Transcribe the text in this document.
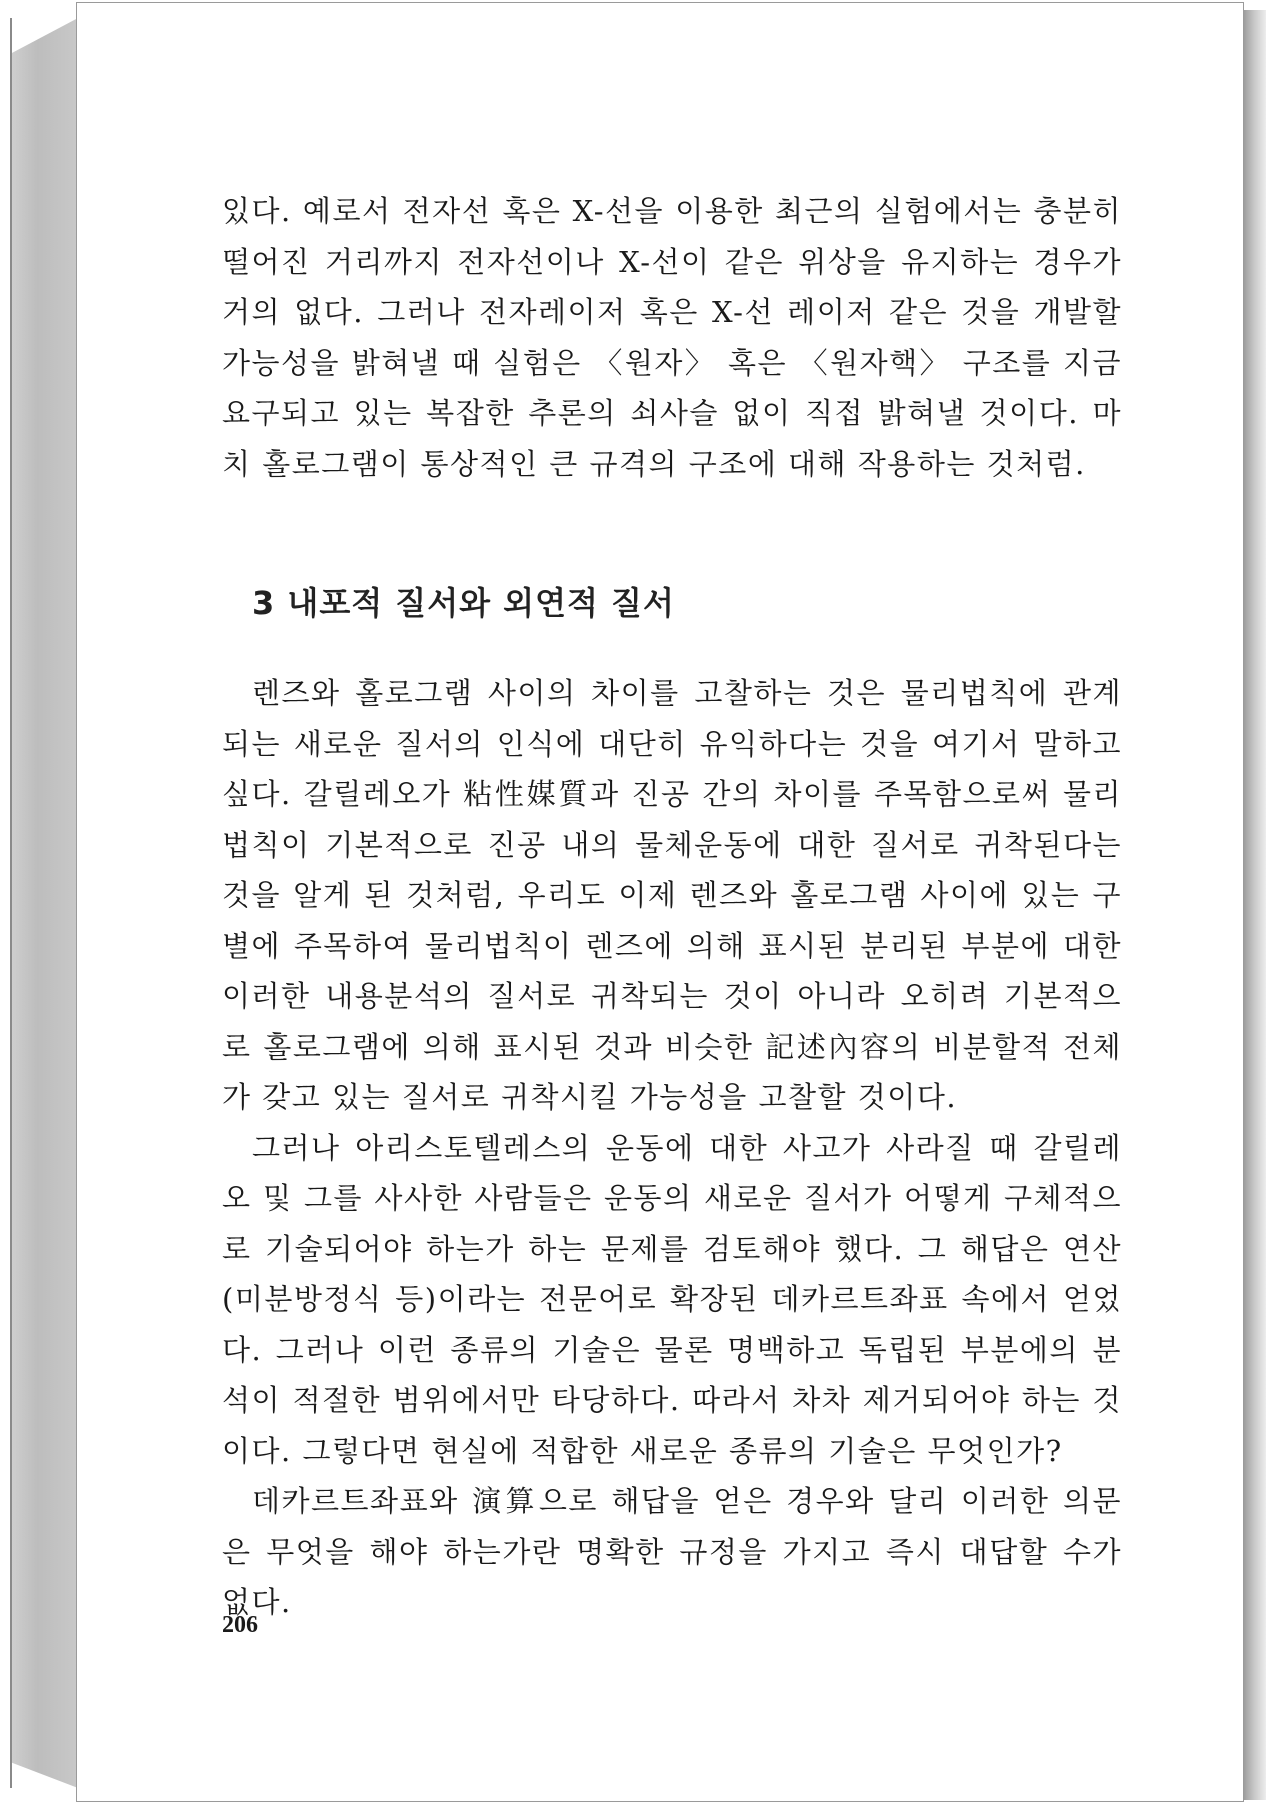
있다. 예로서 전자선 혹은 X-선을 이용한 최근의 실험에서는 충분히 떨어진 거리까지 전자선이나 X-선이 같은 위상을 유지하는 경우가 거의 없다. 그러나 전자레이저 혹은 X-선 레이저 같은 것을 개발할 가능성을 밝혀낼 때 실험은 〈원자〉 혹은 〈원자핵〉 구조를 지금 요구되고 있는 복잡한 추론의 쇠사슬 없이 직접 밝혀낼 것이다. 마치 홀로그램이 통상적인 큰 규격의 구조에 대해 작용하는 것처럼.

3 내포적 질서와 외연적 질서

렌즈와 홀로그램 사이의 차이를 고찰하는 것은 물리법칙에 관계되는 새로운 질서의 인식에 대단히 유익하다는 것을 여기서 말하고 싶다. 갈릴레오가 粘性媒質과 진공 간의 차이를 주목함으로써 물리법칙이 기본적으로 진공 내의 물체운동에 대한 질서로 귀착된다는 것을 알게 된 것처럼, 우리도 이제 렌즈와 홀로그램 사이에 있는 구별에 주목하여 물리법칙이 렌즈에 의해 표시된 분리된 부분에 대한 이러한 내용분석의 질서로 귀착되는 것이 아니라 오히려 기본적으로 홀로그램에 의해 표시된 것과 비슷한 記述內容의 비분할적 전체가 갖고 있는 질서로 귀착시킬 가능성을 고찰할 것이다.

그러나 아리스토텔레스의 운동에 대한 사고가 사라질 때 갈릴레오 및 그를 사사한 사람들은 운동의 새로운 질서가 어떻게 구체적으로 기술되어야 하는가 하는 문제를 검토해야 했다. 그 해답은 연산(미분방정식 등)이라는 전문어로 확장된 데카르트좌표 속에서 얻었다. 그러나 이런 종류의 기술은 물론 명백하고 독립된 부분에의 분석이 적절한 범위에서만 타당하다. 따라서 차차 제거되어야 하는 것이다. 그렇다면 현실에 적합한 새로운 종류의 기술은 무엇인가?

데카르트좌표와 演算으로 해답을 얻은 경우와 달리 이러한 의문은 무엇을 해야 하는가란 명확한 규정을 가지고 즉시 대답할 수가 없다.

206
